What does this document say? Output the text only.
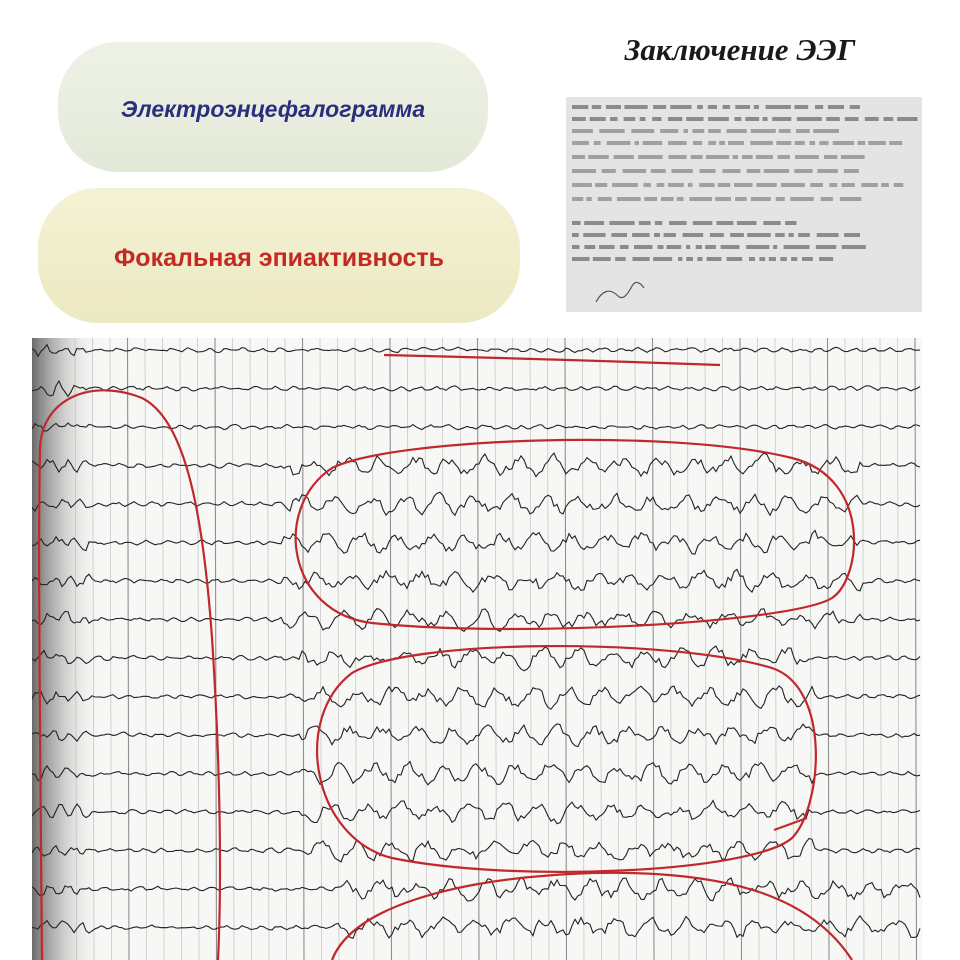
Электроэнцефалограмма
Фокальная эпиактивность
Заключение ЭЭГ
